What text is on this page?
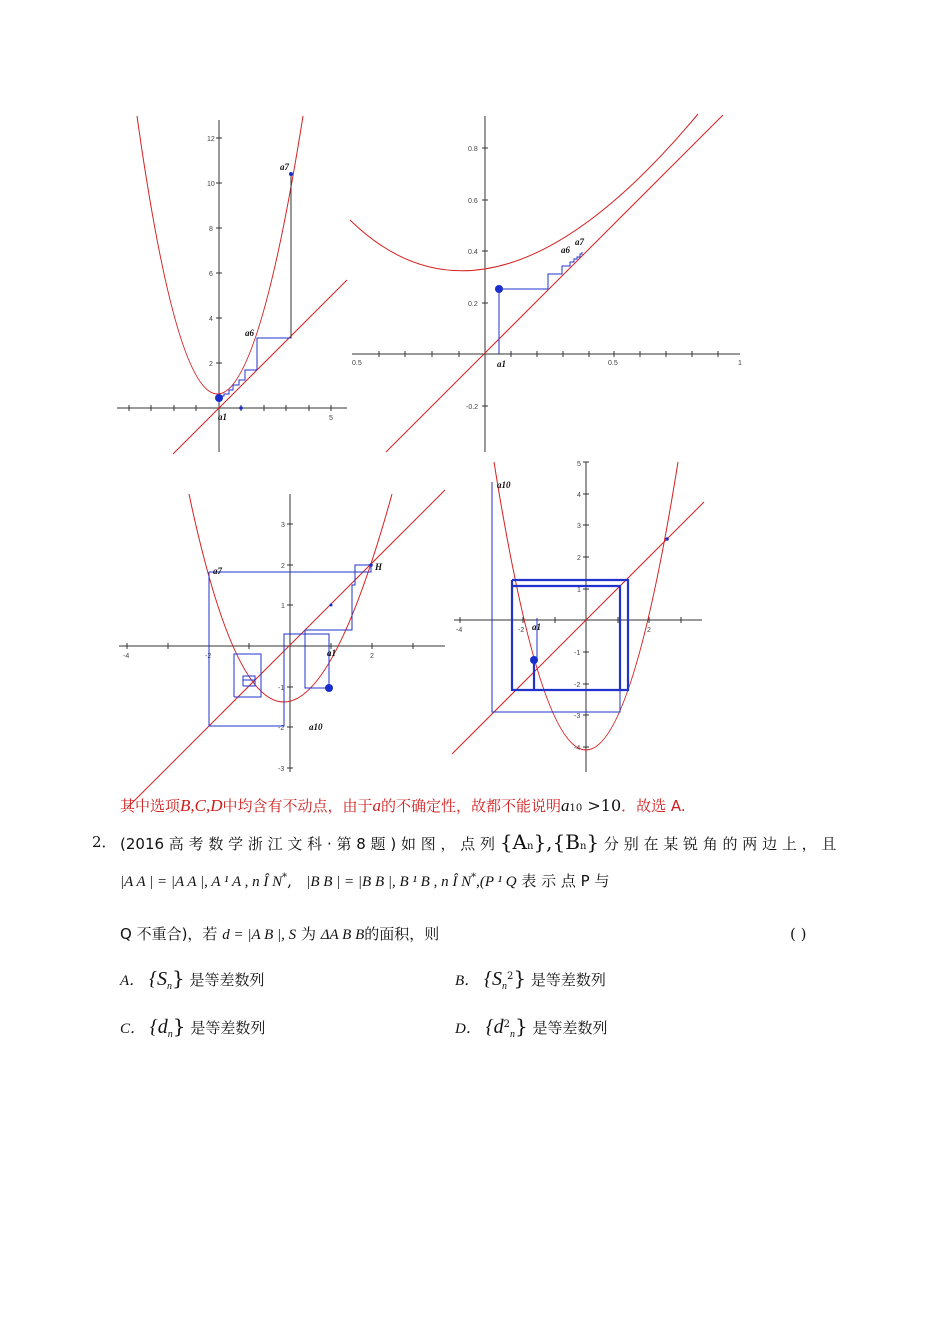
5
12
10
8
6
4
2
a7
a6
a1
0.5	0.5	1
0.8
0.6
0.4
0.2
-0.2
a7
a6
a1
-4	-2	2
3
2
1
-1
-2
-3
a7
a1
a10
H
-4	-2	2
5
4
3
2
1
-1
-2
-3
-4
a10
a1
其中选项B,C,D中均含有不动点，由于a的不确定性，故都不能说明a10 >10．故选 A.
2． (2016 高 考 数 学 浙 江 文 科 · 第 8 题 ) 如 图 ， 点 列 {An},{Bn} 分 别 在 某 锐 角 的 两 边 上 ， 且
|A A | = |A A |, A ¹ A , n Î N*,   |B B | = |B B |, B ¹ B , n Î N*,(P ¹ Q 表 示 点 P 与
Q 不重合)，若 d = |A B |, S 为 ΔA B B的面积，则	( )
A． $\{S_n\}$ 是等差数列	B． $\{S_n^2\}$ 是等差数列
C． $\{d_n\}$ 是等差数列	D． $\{d^2_n\}$ 是等差数列
